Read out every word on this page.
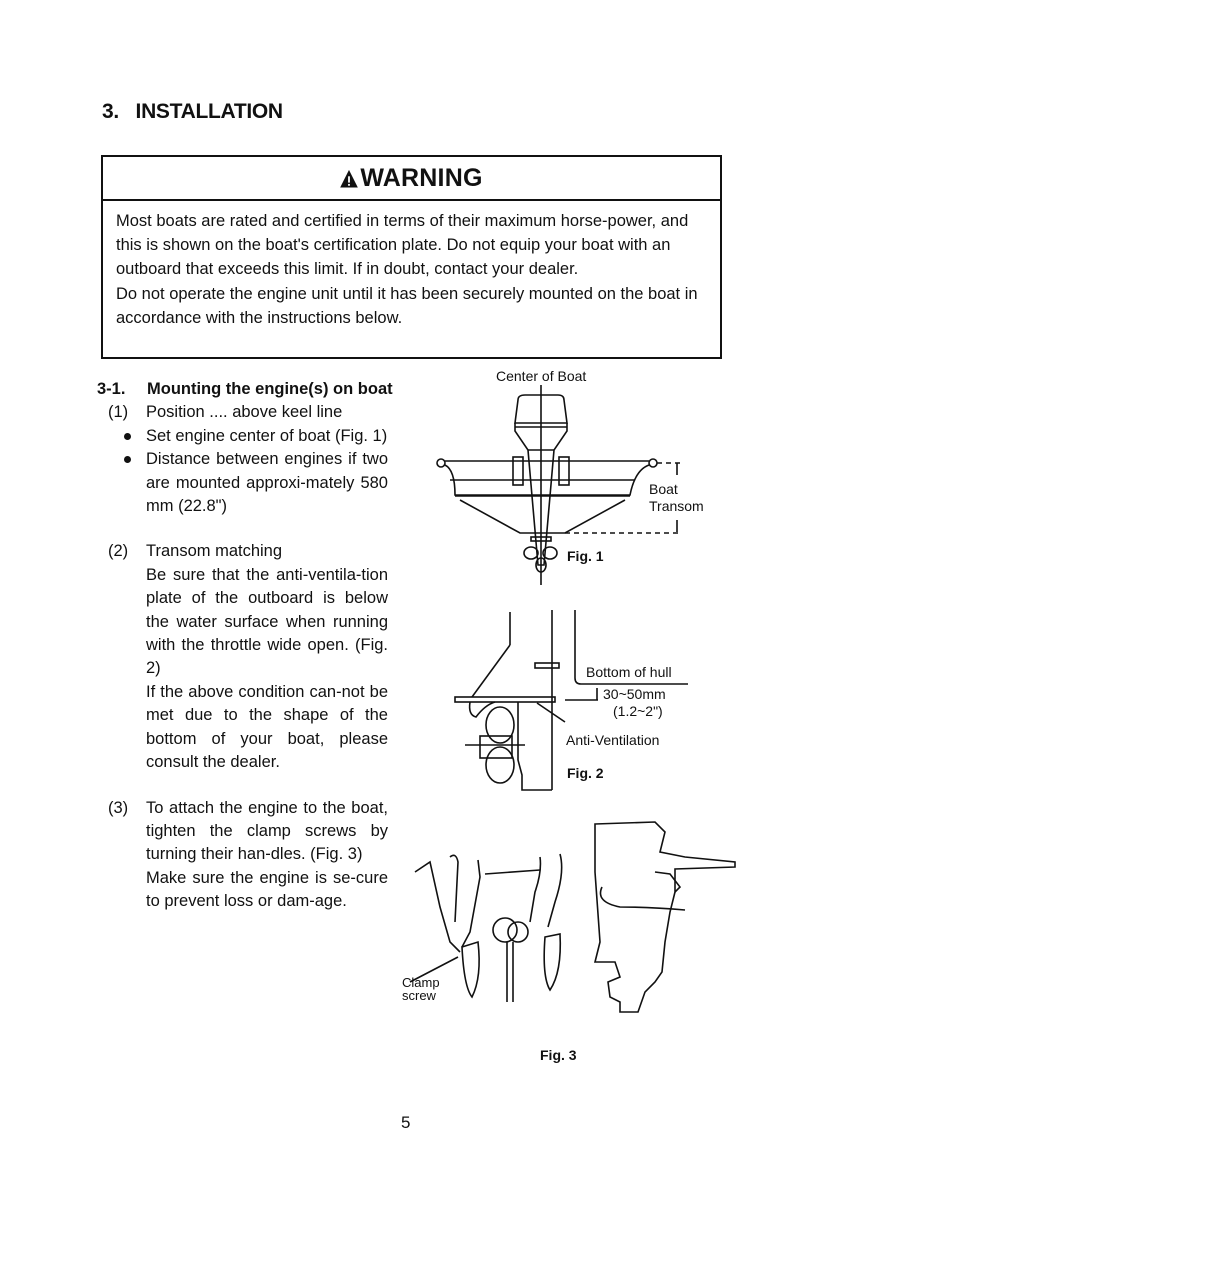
3. INSTALLATION
WARNING

Most boats are rated and certified in terms of their maximum horse-power, and this is shown on the boat's certification plate. Do not equip your boat with an outboard that exceeds this limit. If in doubt, contact your dealer.

Do not operate the engine unit until it has been securely mounted on the boat in accordance with the instructions below.

3-1. Mounting the engine(s) on boat
(1) Position .... above keel line
Set engine center of boat (Fig. 1)
Distance between engines if two are mounted approxi-mately 580 mm (22.8")
(2) Transom matching
Be sure that the anti-ventila-tion plate of the outboard is below the water surface when running with the throttle wide open. (Fig. 2)
If the above condition can-not be met due to the shape of the bottom of your boat, please consult the dealer.
(3) To attach the engine to the boat, tighten the clamp screws by turning their han-dles. (Fig. 3)
Make sure the engine is se-cure to prevent loss or dam-age.
Center of Boat
Boat
Transom
Fig. 1
Bottom of hull
30~50mm
(1.2~2")
Anti-Ventilation
Fig. 2
Clamp
screw
Fig. 3
5
